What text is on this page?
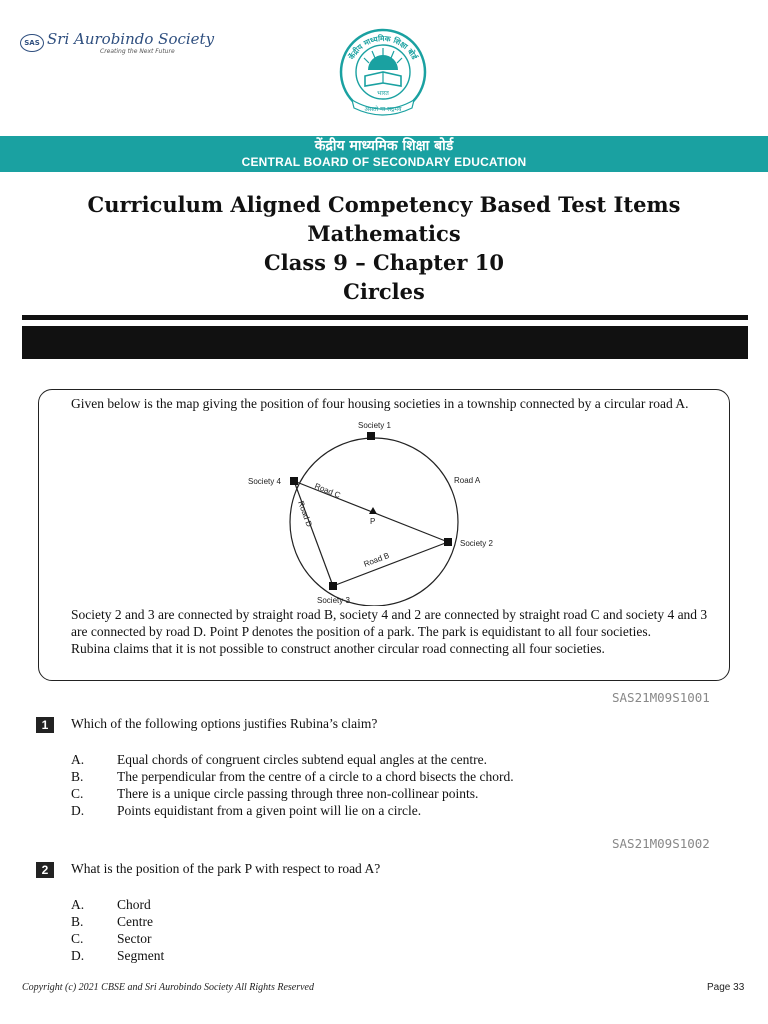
SAS Sri Aurobindo Society
Creating the Next Future	केंद्रीय माध्यमिक शिक्षा बोर्ड
भारत
असतो मा सद्गमय
केंद्रीय माध्यमिक शिक्षा बोर्ड
CENTRAL BOARD OF SECONDARY EDUCATION
Curriculum Aligned Competency Based Test Items
Mathematics
Class 9 – Chapter 10
Circles
Given below is the map giving the position of four housing societies in a township connected by a circular road A.
Society 1
Society 2
Society 3
Society 4	Road A
Road C
Road B
Road D	P

Society 2 and 3 are connected by straight road B, society 4 and 2 are connected by straight road C and society 4 and 3 are connected by road D. Point P denotes the position of a park. The park is equidistant to all four societies.

Rubina claims that it is not possible to construct another circular road connecting all four societies.

SAS21M09S1001
1	Which of the following options justifies Rubina’s claim?
A. Equal chords of congruent circles subtend equal angles at the centre.
B. The perpendicular from the centre of a circle to a chord bisects the chord.
C. There is a unique circle passing through three non-collinear points.
D. Points equidistant from a given point will lie on a circle.
SAS21M09S1002
2	What is the position of the park P with respect to road A?
A. Chord
B. Centre
C. Sector
D. Segment
Copyright (c) 2021 CBSE and Sri Aurobindo Society All Rights Reserved	Page 33
